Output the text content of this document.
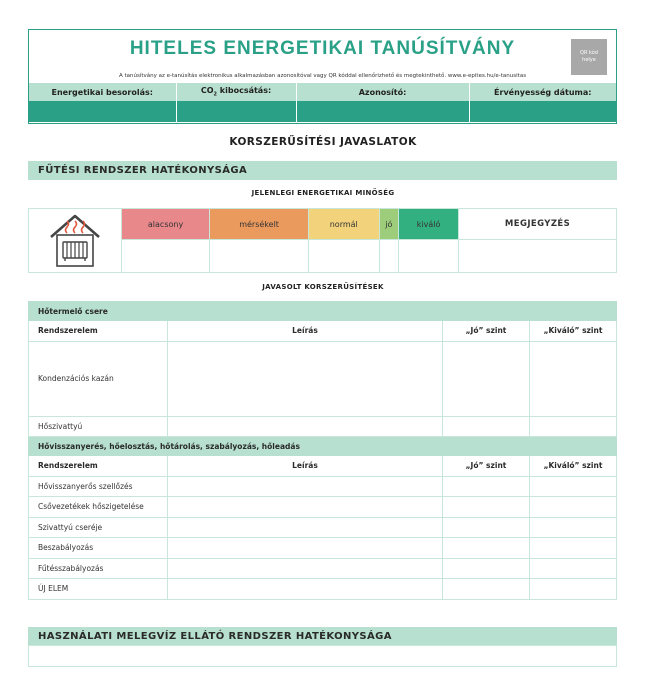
HITELES ENERGETIKAI TANÚSÍTVÁNY
A tanúsítvány az e-tanúsítás elektronikus alkalmazásban azonosítóval vagy QR kóddal ellenőrizhető és megtekinthető. www.e-epites.hu/e-tanusitas
QR kód
helye
Energetikai besorolás:	$CO_2$ kibocsátás:	Azonosító:	Érvényesség dátuma:

KORSZERŰSÍTÉSI JAVASLATOK
FŰTÉSI RENDSZER HATÉKONYSÁGA
JELENLEGI ENERGETIKAI MINŐSÉG
	alacsony	mérsékelt	normál	jó	kiváló	MEGJEGYZÉS

JAVASOLT KORSZERŰSÍTÉSEK
Hőtermelő csere			
Rendszerelem	Leírás	„Jó” szint	„Kiváló” szint
Kondenzációs kazán			
Hőszivattyú			
Hővisszanyerés, hőelosztás, hőtárolás, szabályozás, hőleadás			
Rendszerelem	Leírás	„Jó” szint	„Kiváló” szint
Hővisszanyerős szellőzés			
Csővezetékek hőszigetelése			
Szivattyú cseréje			
Beszabályozás			
Fűtésszabályozás			
ÚJ ELEM			
HASZNÁLATI MELEGVÍZ ELLÁTÓ RENDSZER HATÉKONYSÁGA
